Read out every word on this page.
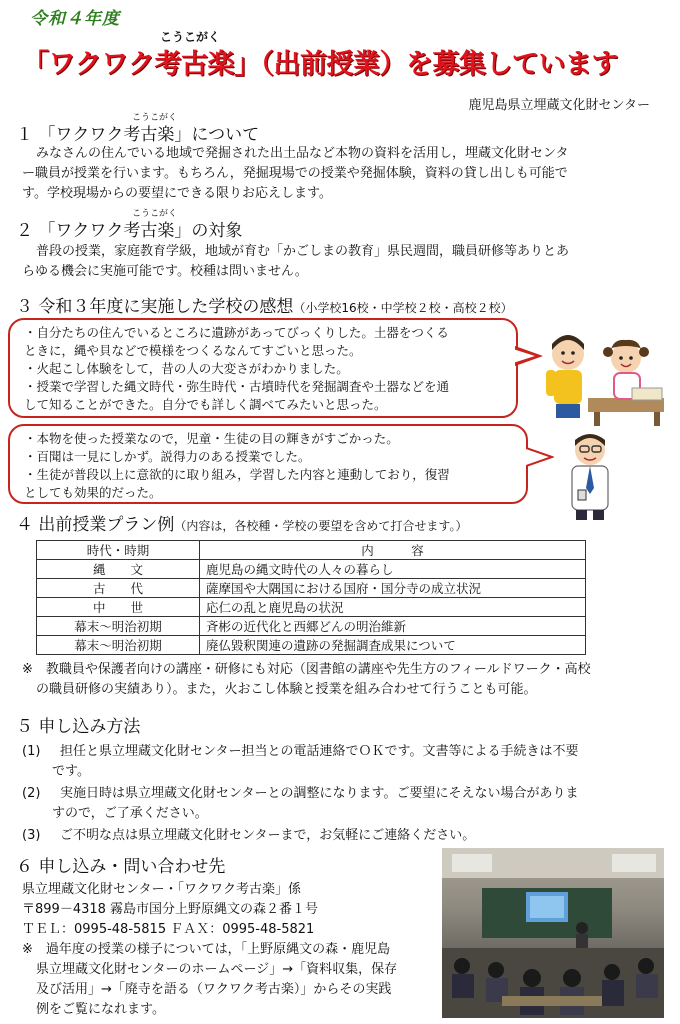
令和４年度
こうこがく
「ワクワク考古楽」（出前授業）を募集しています
鹿児島県立埋蔵文化財センター
こうこがく
１ 「ワクワク考古楽」について
みなさんの住んでいる地域で発掘された出土品など本物の資料を活用し，埋蔵文化財センタ
ー職員が授業を行います。もちろん，発掘現場での授業や発掘体験，資料の貸し出しも可能で
す。学校現場からの要望にできる限りお応えします。
こうこがく
２ 「ワクワク考古楽」の対象
普段の授業，家庭教育学級，地域が育む「かごしまの教育」県民週間，職員研修等ありとあ
らゆる機会に実施可能です。校種は問いません。
３ 令和３年度に実施した学校の感想（小学校16校・中学校２校・高校２校）
・自分たちの住んでいるところに遺跡があってびっくりした。土器をつくる
ときに，縄や貝などで模様をつくるなんてすごいと思った。
・火起こし体験をして，昔の人の大変さがわかりました。
・授業で学習した縄文時代・弥生時代・古墳時代を発掘調査や土器などを通
して知ることができた。自分でも詳しく調べてみたいと思った。
・本物を使った授業なので，児童・生徒の目の輝きがすごかった。
・百聞は一見にしかず。説得力のある授業でした。
・生徒が普段以上に意欲的に取り組み，学習した内容と連動しており，復習
としても効果的だった。
４ 出前授業プラン例（内容は，各校種・学校の要望を含めて打合せます。）
時代・時期	内　　　容
縄　　文	鹿児島の縄文時代の人々の暮らし
古　　代	薩摩国や大隅国における国府・国分寺の成立状況
中　　世	応仁の乱と鹿児島の状況
幕末～明治初期	斉彬の近代化と西郷どんの明治維新
幕末～明治初期	廃仏毀釈関連の遺跡の発掘調査成果について
※　教職員や保護者向けの講座・研修にも対応（図書館の講座や先生方のフィールドワーク・高校
の職員研修の実績あり）。また，火おこし体験と授業を組み合わせて行うことも可能。
５ 申し込み方法
(1)	担任と県立埋蔵文化財センター担当との電話連絡でＯＫです。文書等による手続きは不要
です。
(2)	実施日時は県立埋蔵文化財センターとの調整になります。ご要望にそえない場合がありま
すので，ご了承ください。
(3)	ご不明な点は県立埋蔵文化財センターまで，お気軽にご連絡ください。
６ 申し込み・問い合わせ先
県立埋蔵文化財センター・「ワクワク考古楽」係
〒899－4318 霧島市国分上野原縄文の森２番１号
ＴＥＬ：0995-48-5815 ＦＡＸ：0995-48-5821
※　過年度の授業の様子については，「上野原縄文の森・鹿児島
県立埋蔵文化財センターのホームページ」→「資料収集，保存
及び活用」→「廃寺を語る（ワクワク考古楽）」からその実践
例をご覧になれます。
